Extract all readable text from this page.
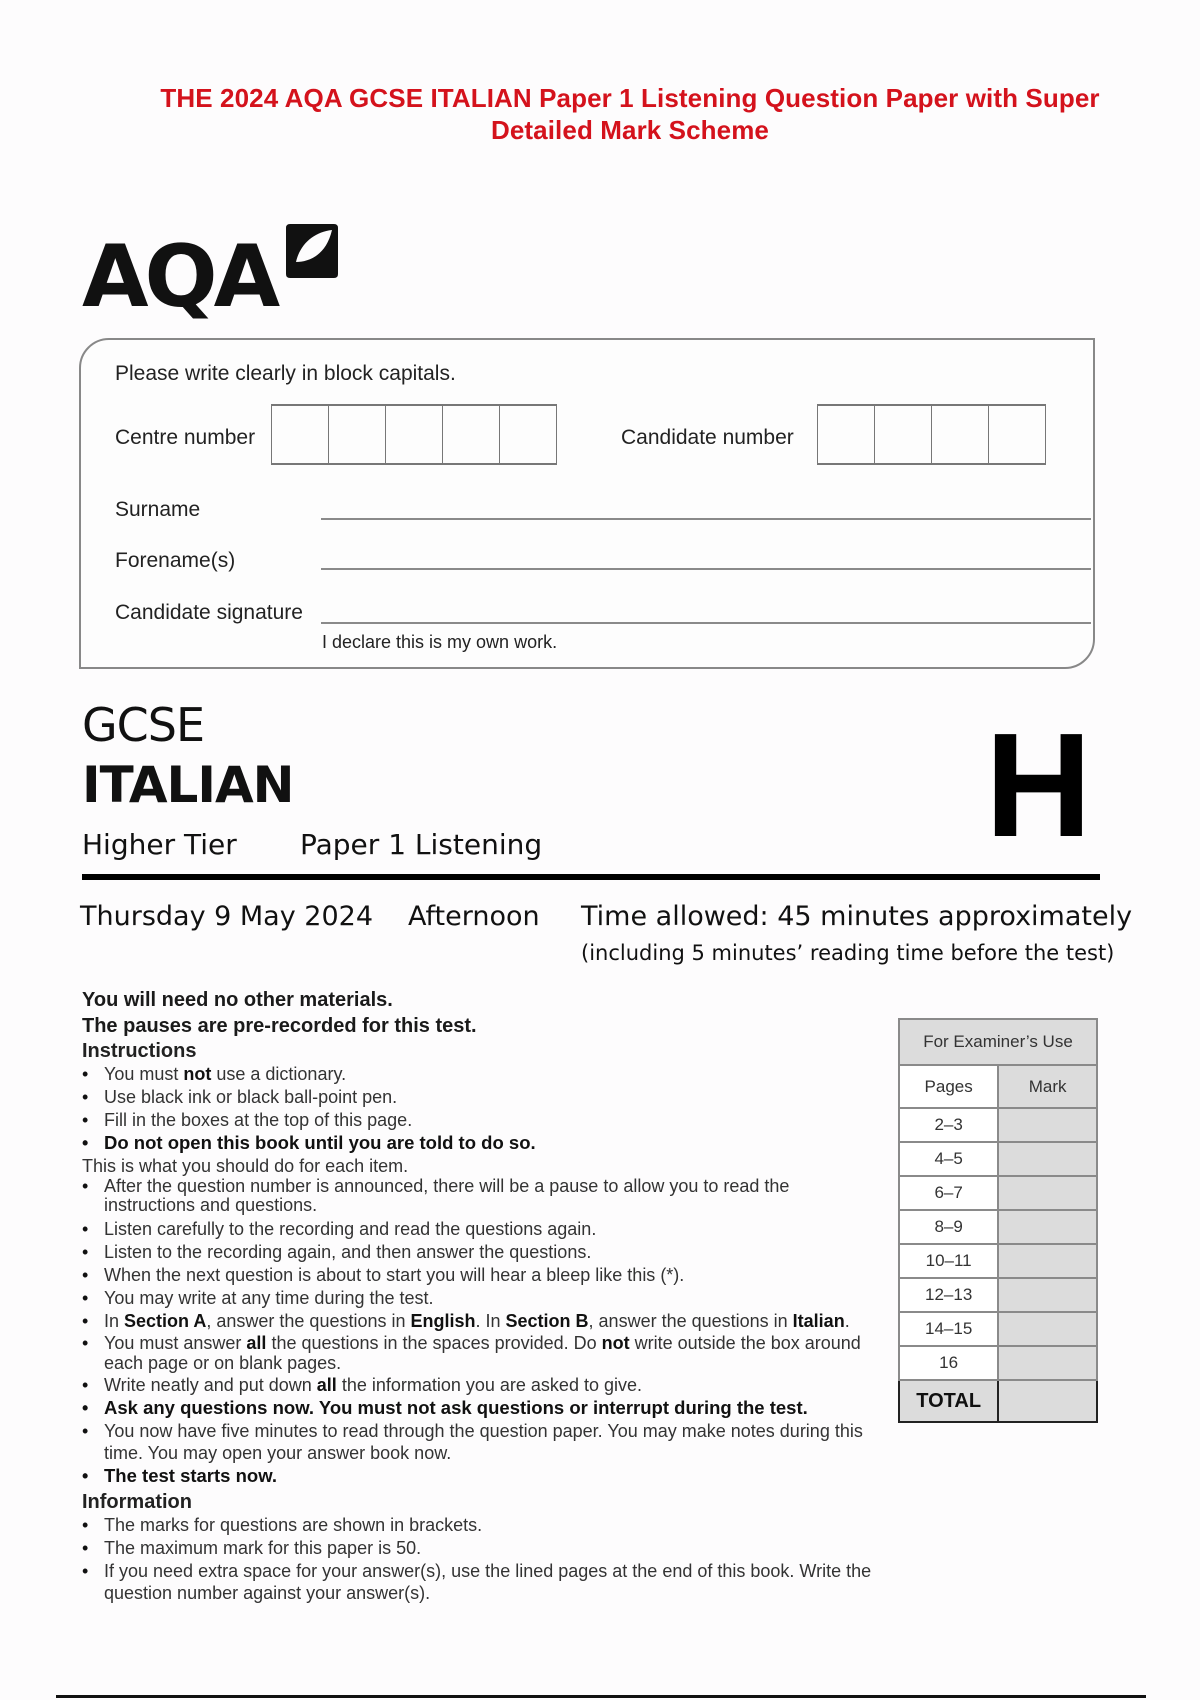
THE 2024 AQA GCSE ITALIAN Paper 1 Listening Question Paper with Super
Detailed Mark Scheme
AQA
Please write clearly in block capitals.
Centre number	Candidate number
Surname
Forename(s)
Candidate signature
I declare this is my own work.
GCSE
ITALIAN
Higher Tier Paper 1 Listening	H
Thursday 9 May 2024 Afternoon Time allowed: 45 minutes approximately
(including 5 minutes’ reading time before the test)
You will need no other materials.
The pauses are pre-recorded for this test.
Instructions
• You must not use a dictionary.
• Use black ink or black ball-point pen.
• Fill in the boxes at the top of this page.
• Do not open this book until you are told to do so.
This is what you should do for each item.
• After the question number is announced, there will be a pause to allow you to read the instructions and questions.
• Listen carefully to the recording and read the questions again.
• Listen to the recording again, and then answer the questions.
• When the next question is about to start you will hear a bleep like this (*).
• You may write at any time during the test.
• In Section A, answer the questions in English. In Section B, answer the questions in Italian.
• You must answer all the questions in the spaces provided. Do not write outside the box around each page or on blank pages.
• Write neatly and put down all the information you are asked to give.
• Ask any questions now. You must not ask questions or interrupt during the test.
• You now have five minutes to read through the question paper. You may make notes during this time. You may open your answer book now.
• The test starts now.
Information
• The marks for questions are shown in brackets.
• The maximum mark for this paper is 50.
• If you need extra space for your answer(s), use the lined pages at the end of this book. Write the question number against your answer(s).
For Examiner’s Use	
Pages	Mark
2–3	
4–5	
6–7	
8–9	
10–11	
12–13	
14–15	
16	
TOTAL	
